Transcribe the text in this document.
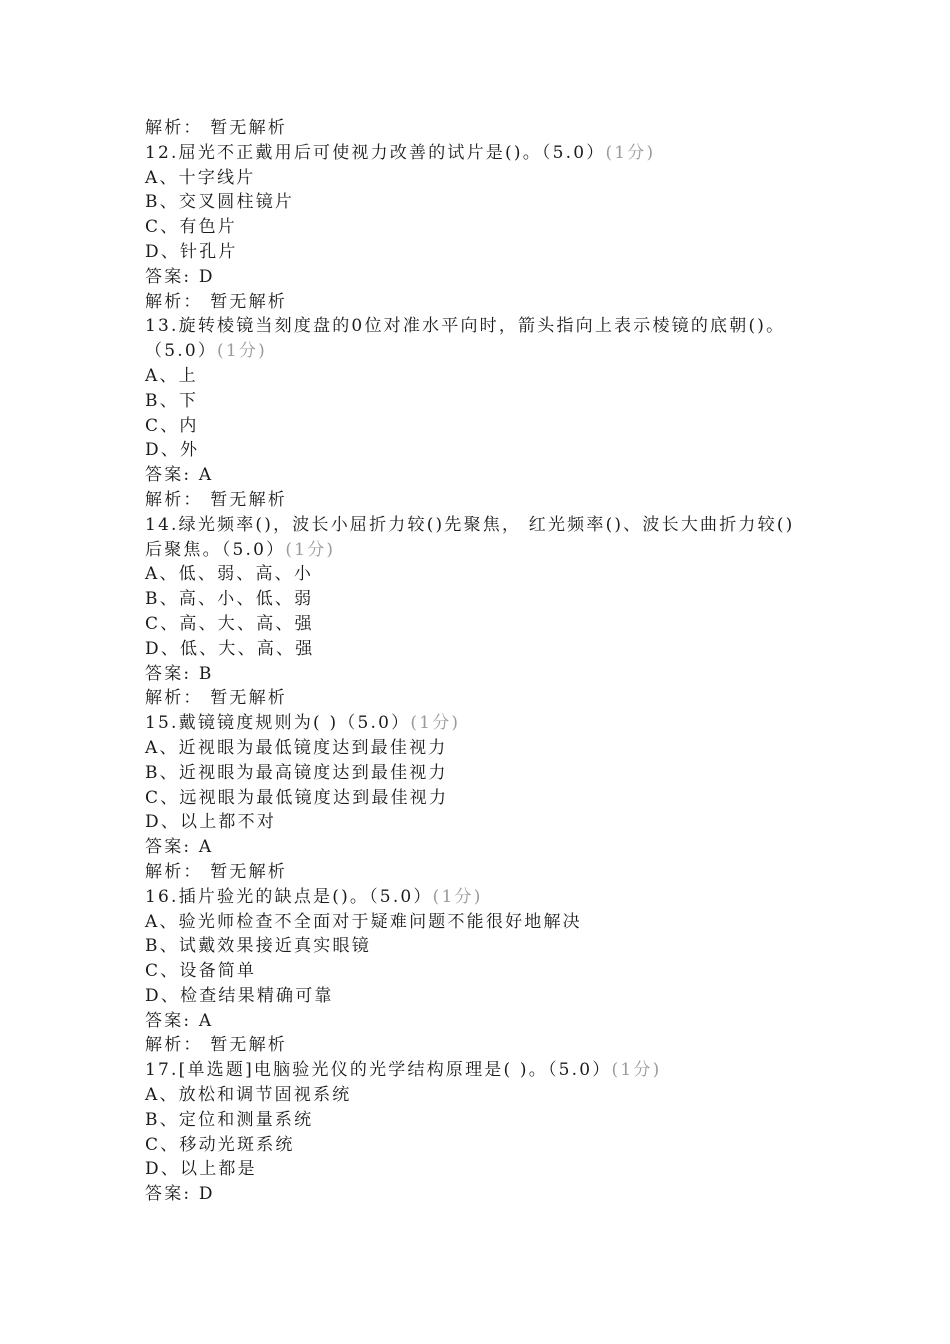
解析： 暂无解析
12.屈光不正戴用后可使视力改善的试片是()。（5.0）(1分)
A、十字线片
B、交叉圆柱镜片
C、有色片
D、针孔片
答案: D
解析： 暂无解析
13.旋转棱镜当刻度盘的0位对准水平向时，箭头指向上表示棱镜的底朝()。
（5.0）(1分)
A、上
B、下
C、内
D、外
答案: A
解析： 暂无解析
14.绿光频率()，波长小屈折力较()先聚焦， 红光频率()、波长大曲折力较()
后聚焦。（5.0）(1分)
A、低、弱、高、小
B、高、小、低、弱
C、高、大、高、强
D、低、大、高、强
答案: B
解析： 暂无解析
15.戴镜镜度规则为( )（5.0）(1分)
A、近视眼为最低镜度达到最佳视力
B、近视眼为最高镜度达到最佳视力
C、远视眼为最低镜度达到最佳视力
D、以上都不对
答案: A
解析： 暂无解析
16.插片验光的缺点是()。（5.0）(1分)
A、验光师检查不全面对于疑难问题不能很好地解决
B、试戴效果接近真实眼镜
C、设备简单
D、检查结果精确可靠
答案: A
解析： 暂无解析
17.[单选题]电脑验光仪的光学结构原理是( )。（5.0）(1分)
A、放松和调节固视系统
B、定位和测量系统
C、移动光斑系统
D、以上都是
答案: D
